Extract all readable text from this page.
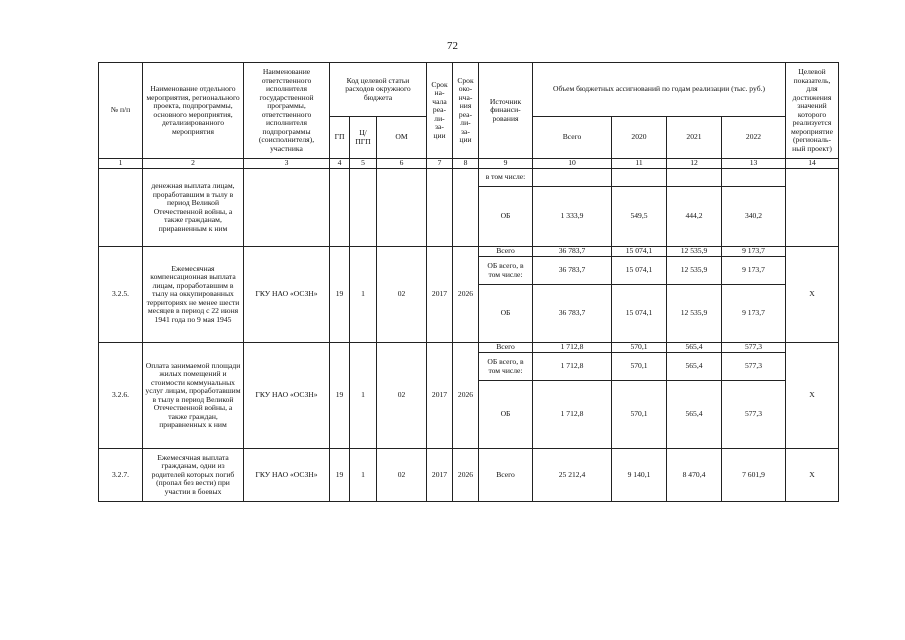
72
№ п/п	Наименование отдельного мероприятия, регионального проекта, подпрограммы, основного мероприятия, детализированного мероприятия	Наименование ответственного исполнителя государственной программы, ответственного исполнителя подпрограммы (соисполнителя), участника	Код целевой статьи расходов окружного бюджета			Срок на- чала реа- ли- за- ции	Срок око- нча- ния реа- ли- за- ции	Источник финанси- рования	Объем бюджетных ассигнований по годам реализации (тыс. руб.)				Целевой показатель, для достижения значений которого реализуется мероприятие (региональ- ный проект)
			ГП	Ц/ ПГП	ОМ				Всего	2020	2021	2022	
1	2	3	4	5	6	7	8	9	10	11	12	13	14
	денежная выплата лицам, проработавшим в тылу в период Великой Отечественной войны, а также гражданам, приравненным к ним							в том числе:					
								ОБ	1 333,9	549,5	444,2	340,2	
3.2.5.	Ежемесячная компенсационная выплата лицам, проработавшим в тылу на оккупированных территориях не менее шести месяцев в период с 22 июня 1941 года по 9 мая 1945	ГКУ НАО «ОСЗН»	19	1	02	2017	2026	Всего	36 783,7	15 074,1	12 535,9	9 173,7	Х
								ОБ всего, в том числе:	36 783,7	15 074,1	12 535,9	9 173,7	
								ОБ	36 783,7	15 074,1	12 535,9	9 173,7	
3.2.6.	Оплата занимаемой площади жилых помещений и стоимости коммунальных услуг лицам, проработавшим в тылу в период Великой Отечественной войны, а также граждан, приравненных к ним	ГКУ НАО «ОСЗН»	19	1	02	2017	2026	Всего	1 712,8	570,1	565,4	577,3	Х
								ОБ всего, в том числе:	1 712,8	570,1	565,4	577,3	
								ОБ	1 712,8	570,1	565,4	577,3	
3.2.7.	Ежемесячная выплата гражданам, одни из родителей которых погиб (пропал без вести) при участии в боевых	ГКУ НАО «ОСЗН»	19	1	02	2017	2026	Всего	25 212,4	9 140,1	8 470,4	7 601,9	Х
